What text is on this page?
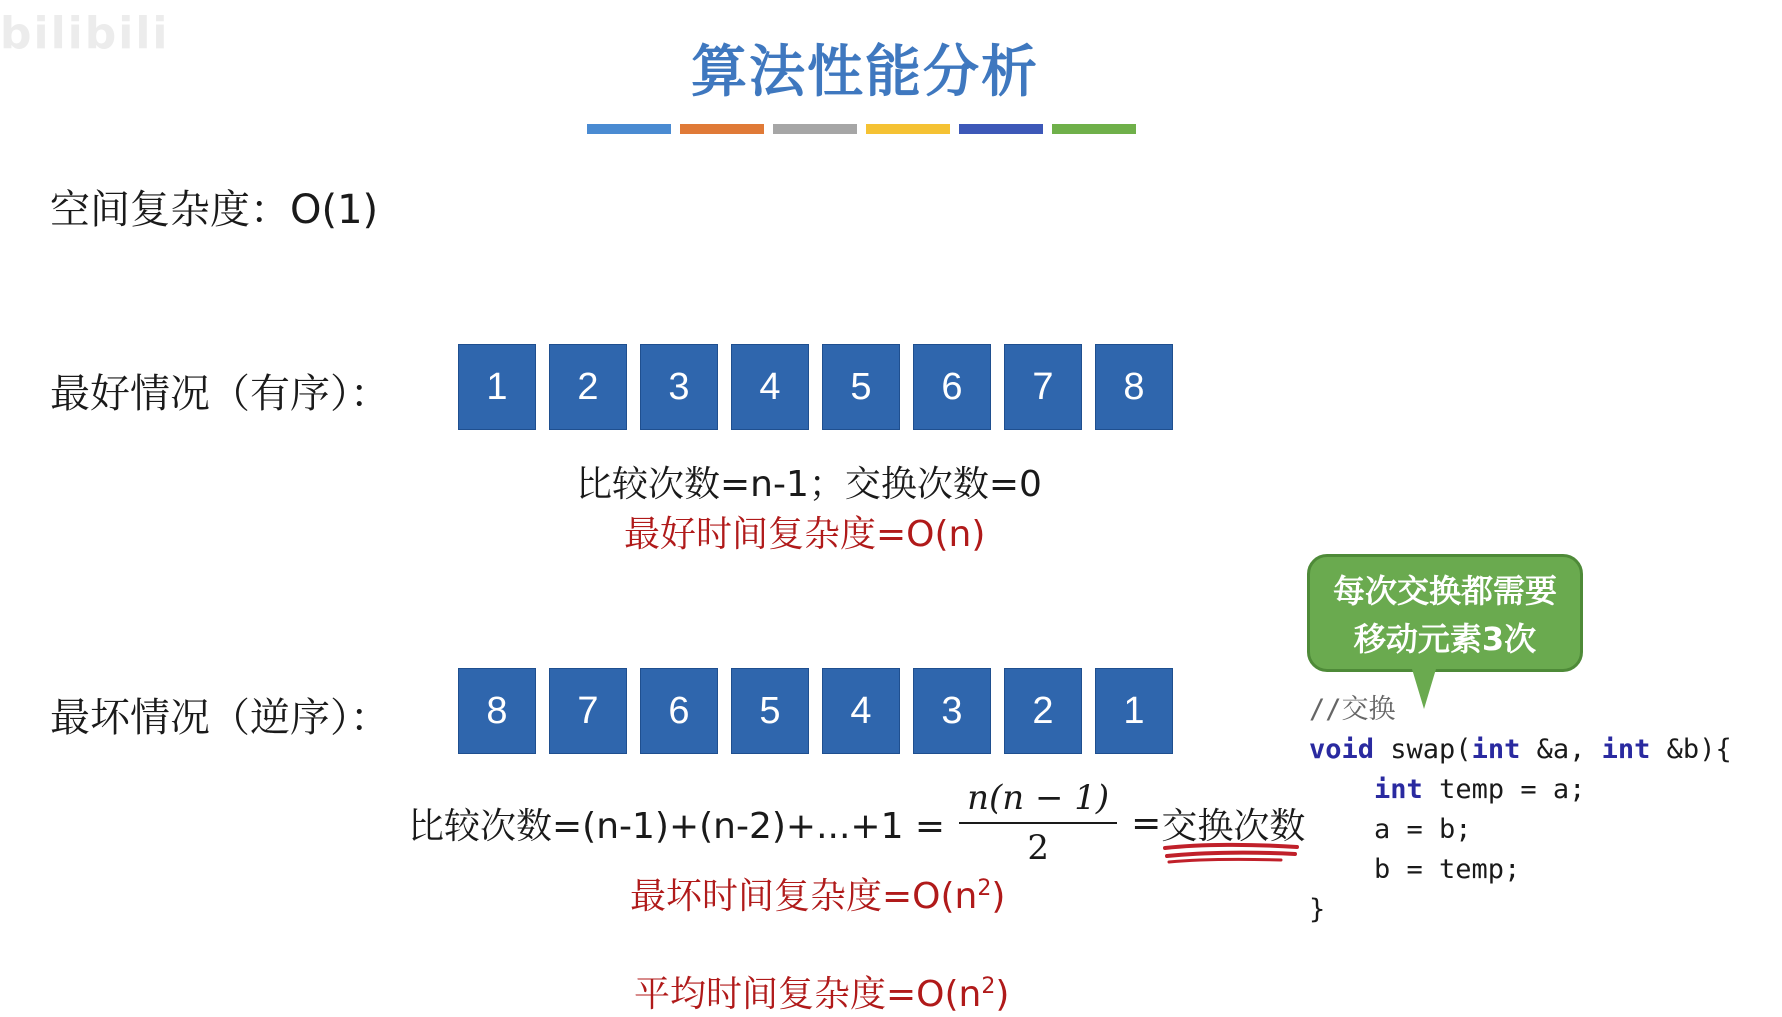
bilibili
算法性能分析
空间复杂度：O(1)
最好情况（有序）：	1	2	3	4	5	6	7	8
比较次数=n-1；交换次数=0
最好时间复杂度=O(n)
最坏情况（逆序）：	8	7	6	5	4	3	2	1
比较次数$=(n-1)+(n-2)+...+1 = \frac{n(n - 1)}{2}$ = 交换次数
最坏时间复杂度$=O(n^2)$
平均时间复杂度$=O(n^2)$
每次交换都需要
移动元素3次
//交换
void swap(int &a, int &b){
int temp = a;
a = b;
b = temp;
}
